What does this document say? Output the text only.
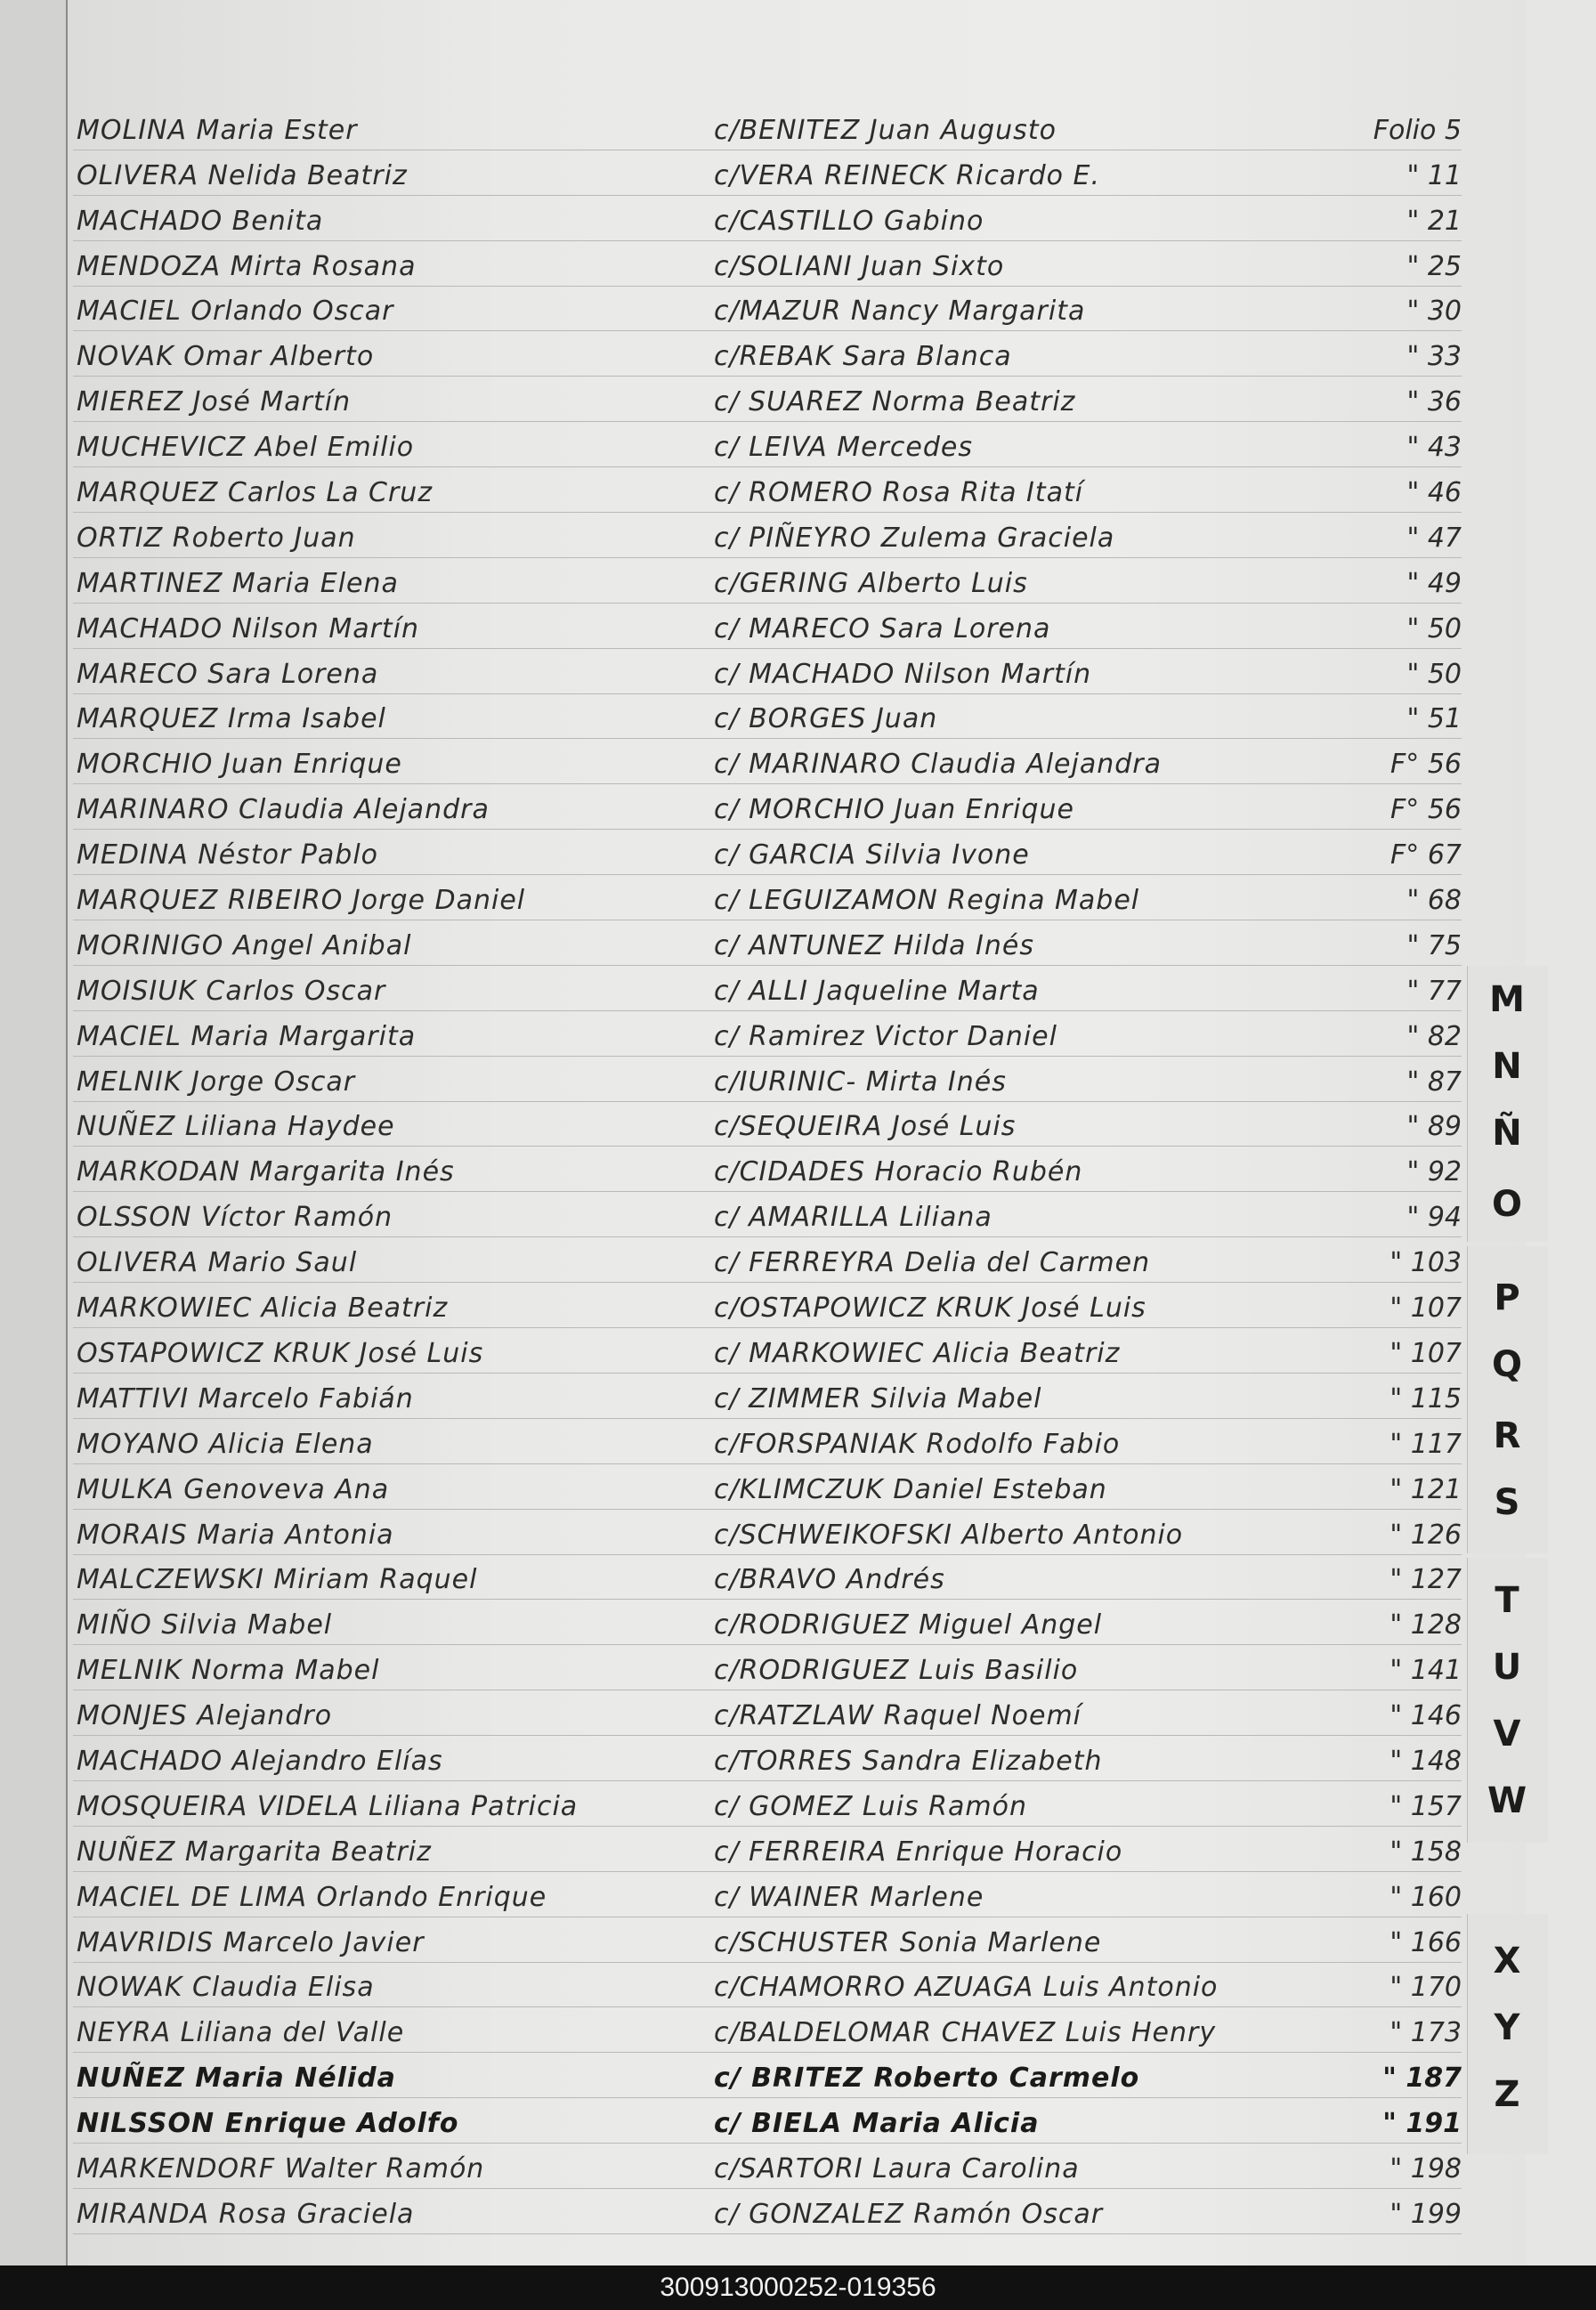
MOLINA Maria Ester	c/BENITEZ Juan Augusto	Folio 5
OLIVERA Nelida Beatriz	c/VERA REINECK Ricardo E.	" 11
MACHADO Benita	c/CASTILLO Gabino	" 21
MENDOZA Mirta Rosana	c/SOLIANI Juan Sixto	" 25
MACIEL Orlando Oscar	c/MAZUR Nancy Margarita	" 30
NOVAK Omar Alberto	c/REBAK Sara Blanca	" 33
MIEREZ José Martín	c/ SUAREZ Norma Beatriz	" 36
MUCHEVICZ Abel Emilio	c/ LEIVA Mercedes	" 43
MARQUEZ Carlos La Cruz	c/ ROMERO Rosa Rita Itatí	" 46
ORTIZ Roberto Juan	c/ PIÑEYRO Zulema Graciela	" 47
MARTINEZ Maria Elena	c/GERING Alberto Luis	" 49
MACHADO Nilson Martín	c/ MARECO Sara Lorena	" 50
MARECO Sara Lorena	c/ MACHADO Nilson Martín	" 50
MARQUEZ Irma Isabel	c/ BORGES Juan	" 51
MORCHIO Juan Enrique	c/ MARINARO Claudia Alejandra	F° 56
MARINARO Claudia Alejandra	c/ MORCHIO Juan Enrique	F° 56
MEDINA Néstor Pablo	c/ GARCIA Silvia Ivone	F° 67
MARQUEZ RIBEIRO Jorge Daniel	c/ LEGUIZAMON Regina Mabel	" 68
MORINIGO Angel Anibal	c/ ANTUNEZ Hilda Inés	" 75
MOISIUK Carlos Oscar	c/ ALLI Jaqueline Marta	" 77
MACIEL Maria Margarita	c/ Ramirez Victor Daniel	" 82
MELNIK Jorge Oscar	c/IURINIC- Mirta Inés	" 87
NUÑEZ Liliana Haydee	c/SEQUEIRA José Luis	" 89
MARKODAN Margarita Inés	c/CIDADES Horacio Rubén	" 92
OLSSON Víctor Ramón	c/ AMARILLA Liliana	" 94
OLIVERA Mario Saul	c/ FERREYRA Delia del Carmen	" 103
MARKOWIEC Alicia Beatriz	c/OSTAPOWICZ KRUK José Luis	" 107
OSTAPOWICZ KRUK José Luis	c/ MARKOWIEC Alicia Beatriz	" 107
MATTIVI Marcelo Fabián	c/ ZIMMER Silvia Mabel	" 115
MOYANO Alicia Elena	c/FORSPANIAK Rodolfo Fabio	" 117
MULKA Genoveva Ana	c/KLIMCZUK Daniel Esteban	" 121
MORAIS Maria Antonia	c/SCHWEIKOFSKI Alberto Antonio	" 126
MALCZEWSKI Miriam Raquel	c/BRAVO Andrés	" 127
MIÑO Silvia Mabel	c/RODRIGUEZ Miguel Angel	" 128
MELNIK Norma Mabel	c/RODRIGUEZ Luis Basilio	" 141
MONJES Alejandro	c/RATZLAW Raquel Noemí	" 146
MACHADO Alejandro Elías	c/TORRES Sandra Elizabeth	" 148
MOSQUEIRA VIDELA Liliana Patricia	c/ GOMEZ Luis Ramón	" 157
NUÑEZ Margarita Beatriz	c/ FERREIRA Enrique Horacio	" 158
MACIEL DE LIMA Orlando Enrique	c/ WAINER Marlene	" 160
MAVRIDIS Marcelo Javier	c/SCHUSTER Sonia Marlene	" 166
NOWAK Claudia Elisa	c/CHAMORRO AZUAGA Luis Antonio	" 170
NEYRA Liliana del Valle	c/BALDELOMAR CHAVEZ Luis Henry	" 173
NUÑEZ Maria Nélida	c/ BRITEZ Roberto Carmelo	" 187
NILSSON Enrique Adolfo	c/ BIELA Maria Alicia	" 191
MARKENDORF Walter Ramón	c/SARTORI Laura Carolina	" 198
MIRANDA Rosa Graciela	c/ GONZALEZ Ramón Oscar	" 199
M
N
Ñ
O
P
Q
R
S
T
U
V
W
X
Y
Z
300913000252-019356
